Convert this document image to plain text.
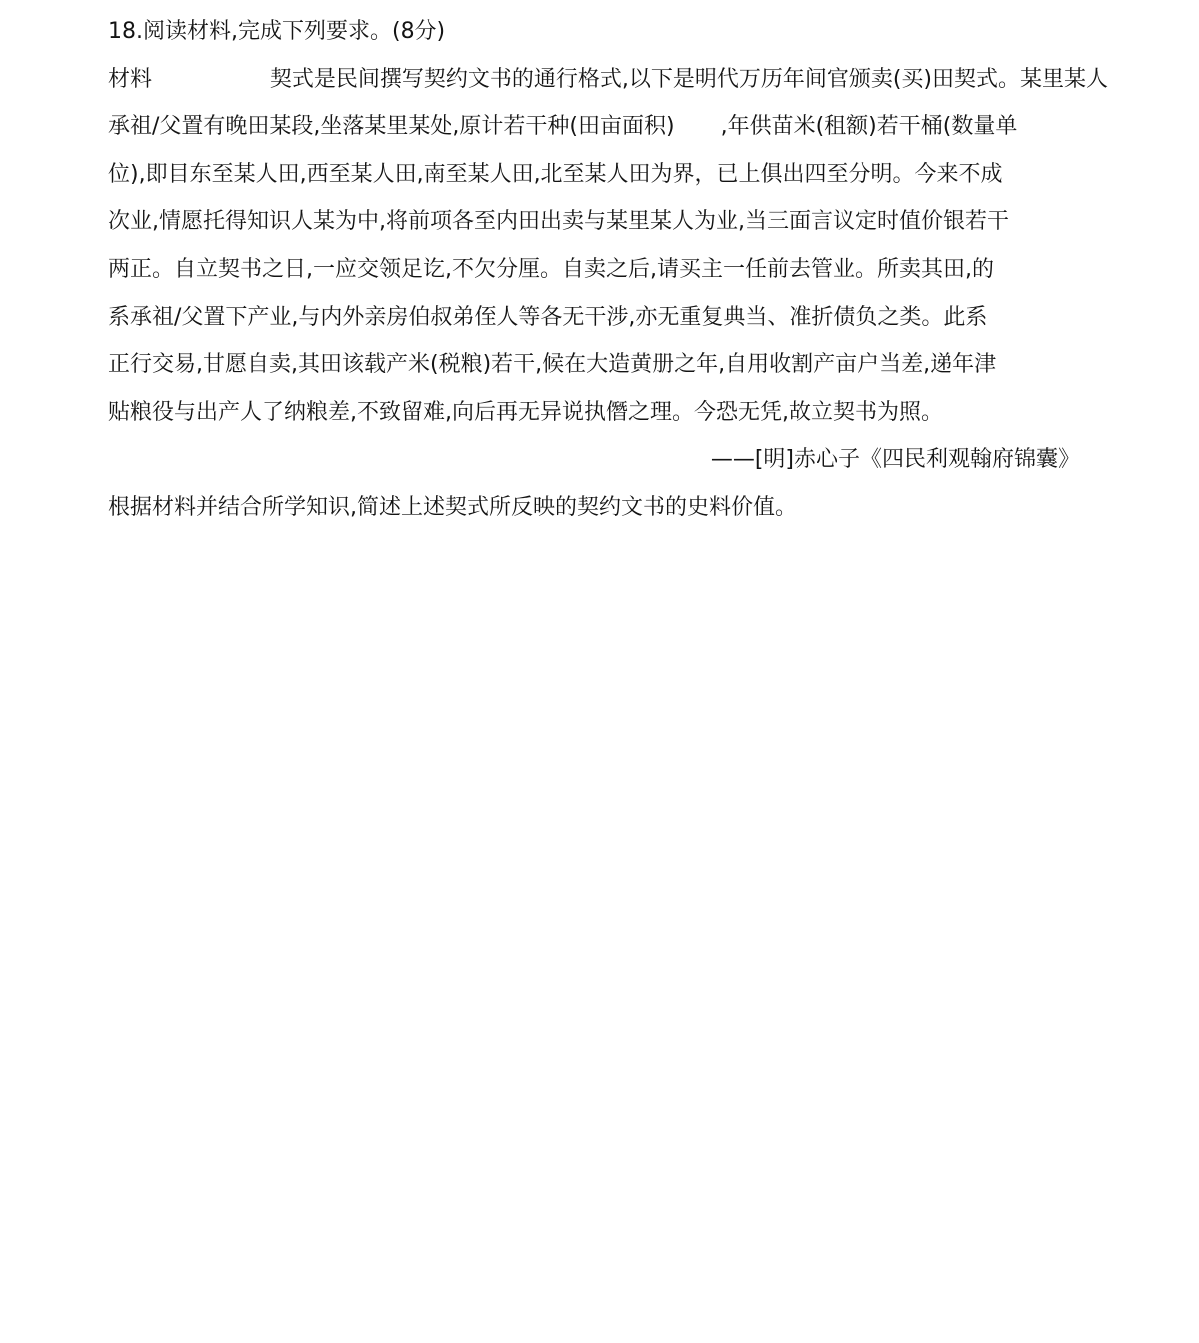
18.阅读材料,完成下列要求。(8分)
材料	契式是民间撰写契约文书的通行格式,以下是明代万历年间官颁卖(买)田契式。某里某人
承祖/父置有晚田某段,坐落某里某处,原计若干种(田亩面积) ,年供苗米(租额)若干桶(数量单
位),即目东至某人田,西至某人田,南至某人田,北至某人田为界，已上俱出四至分明。今来不成
次业,情愿托得知识人某为中,将前项各至内田出卖与某里某人为业,当三面言议定时值价银若干
两正。自立契书之日,一应交领足讫,不欠分厘。自卖之后,请买主一任前去管业。所卖其田,的
系承祖/父置下产业,与内外亲房伯叔弟侄人等各无干涉,亦无重复典当、准折债负之类。此系
正行交易,甘愿自卖,其田该载产米(税粮)若干,候在大造黄册之年,自用收割产亩户当差,递年津
贴粮役与出产人了纳粮差,不致留难,向后再无异说执僭之理。今恐无凭,故立契书为照。
——[明]赤心子《四民利观翰府锦囊》
根据材料并结合所学知识,简述上述契式所反映的契约文书的史料价值。
